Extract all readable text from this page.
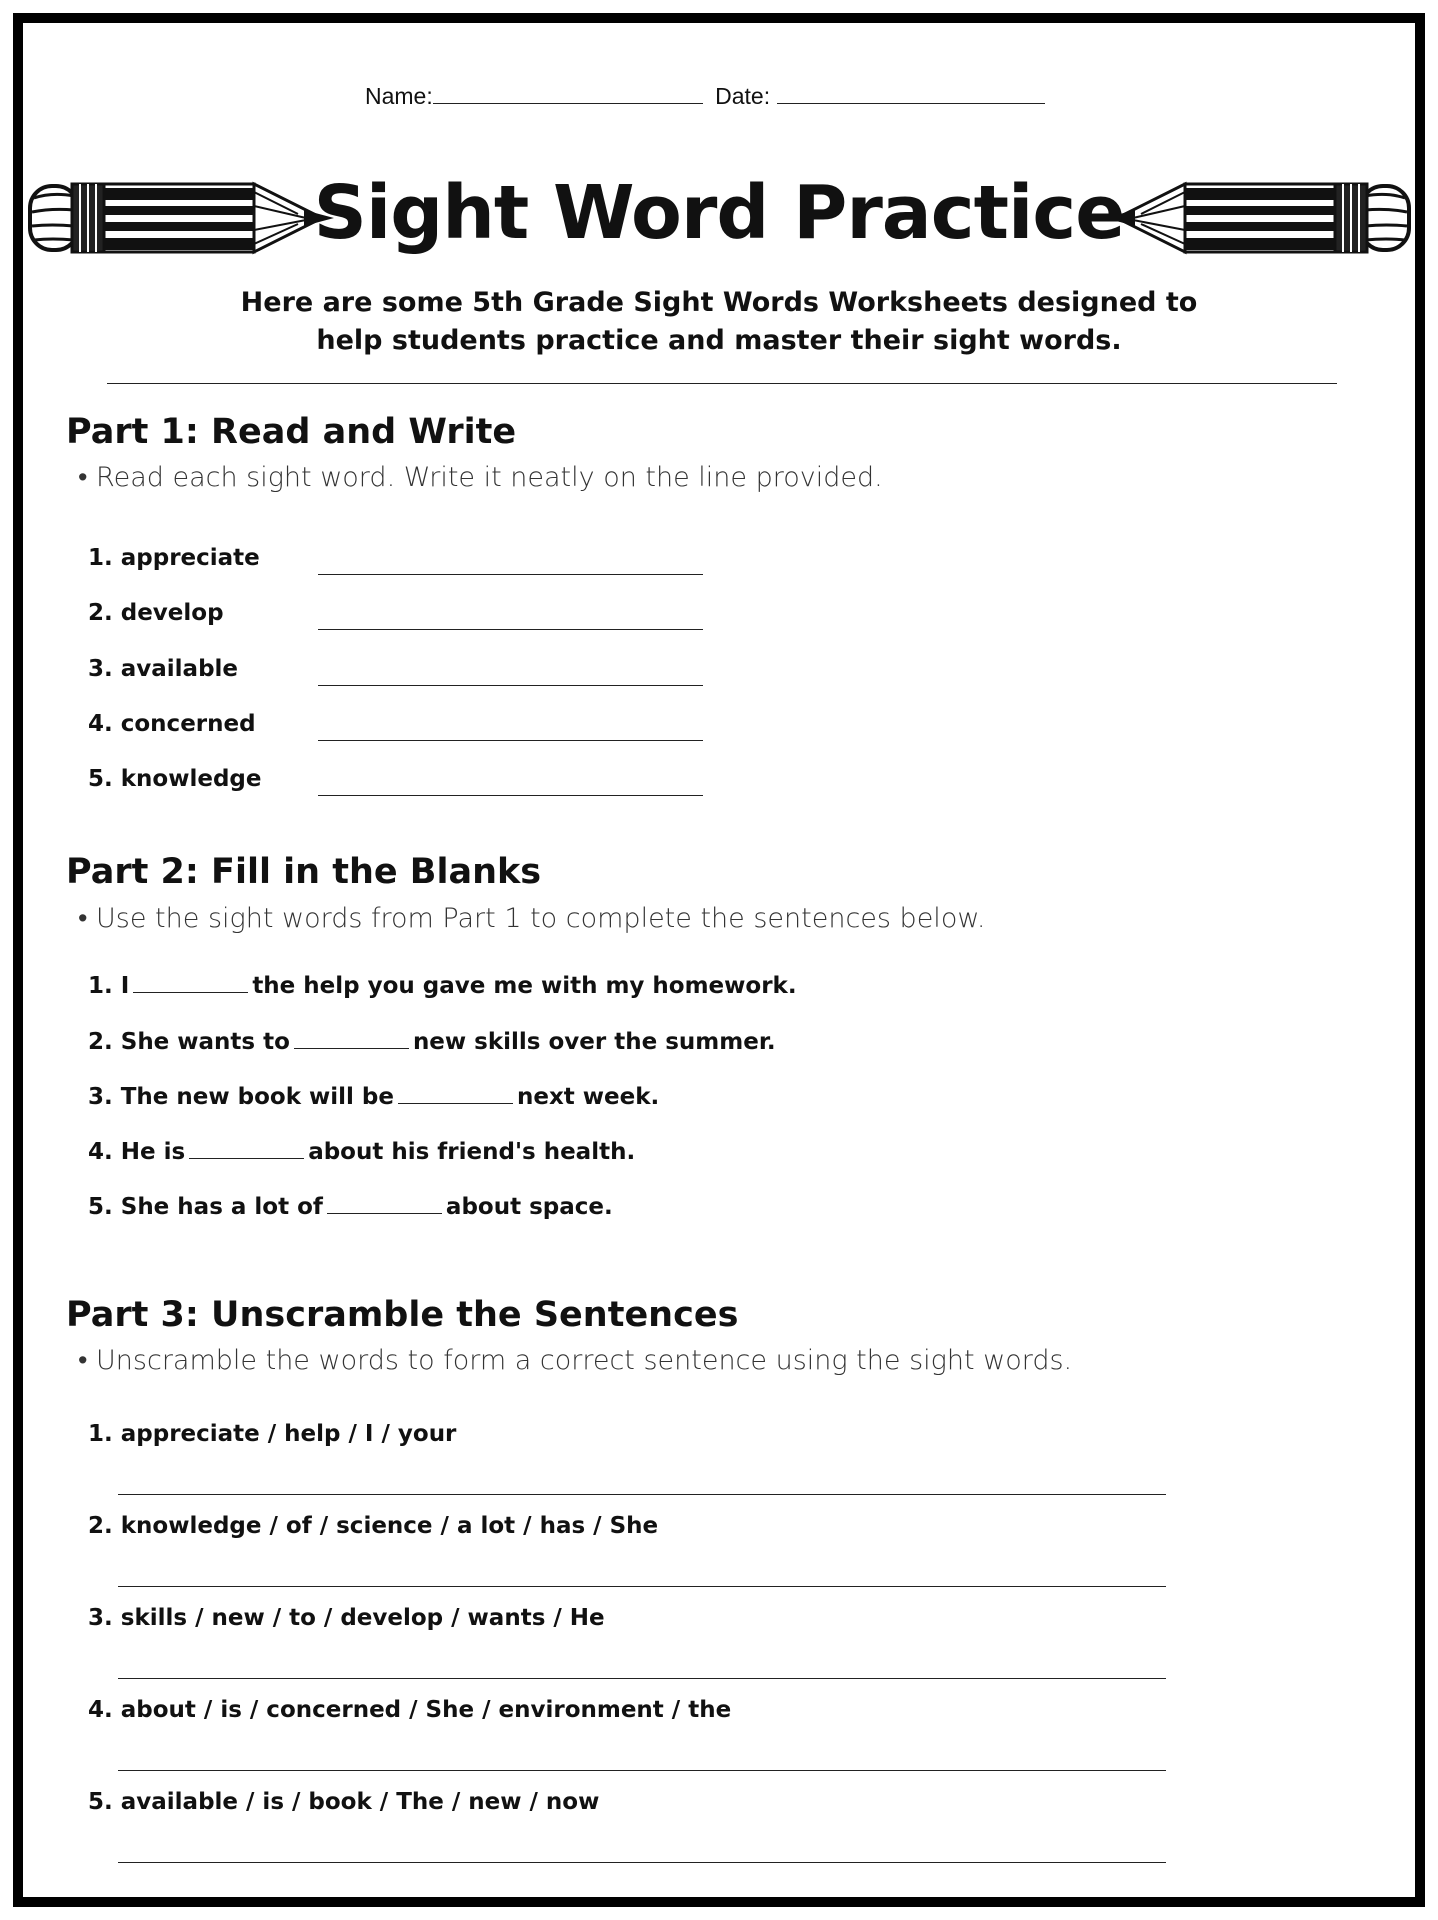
Name:	Date:
Sight Word Practice
Here are some 5th Grade Sight Words Worksheets designed to
help students practice and master their sight words.
Part 1: Read and Write
• Read each sight word. Write it neatly on the line provided.
1. appreciate
2. develop
3. available
4. concerned
5. knowledge
Part 2: Fill in the Blanks
• Use the sight words from Part 1 to complete the sentences below.
1. I	the help you gave me with my homework.
2. She wants to	new skills over the summer.
3. The new book will be	next week.
4. He is	about his friend's health.
5. She has a lot of	about space.
Part 3: Unscramble the Sentences
• Unscramble the words to form a correct sentence using the sight words.
1. appreciate / help / I / your
2. knowledge / of / science / a lot / has / She
3. skills / new / to / develop / wants / He
4. about / is / concerned / She / environment / the
5. available / is / book / The / new / now
